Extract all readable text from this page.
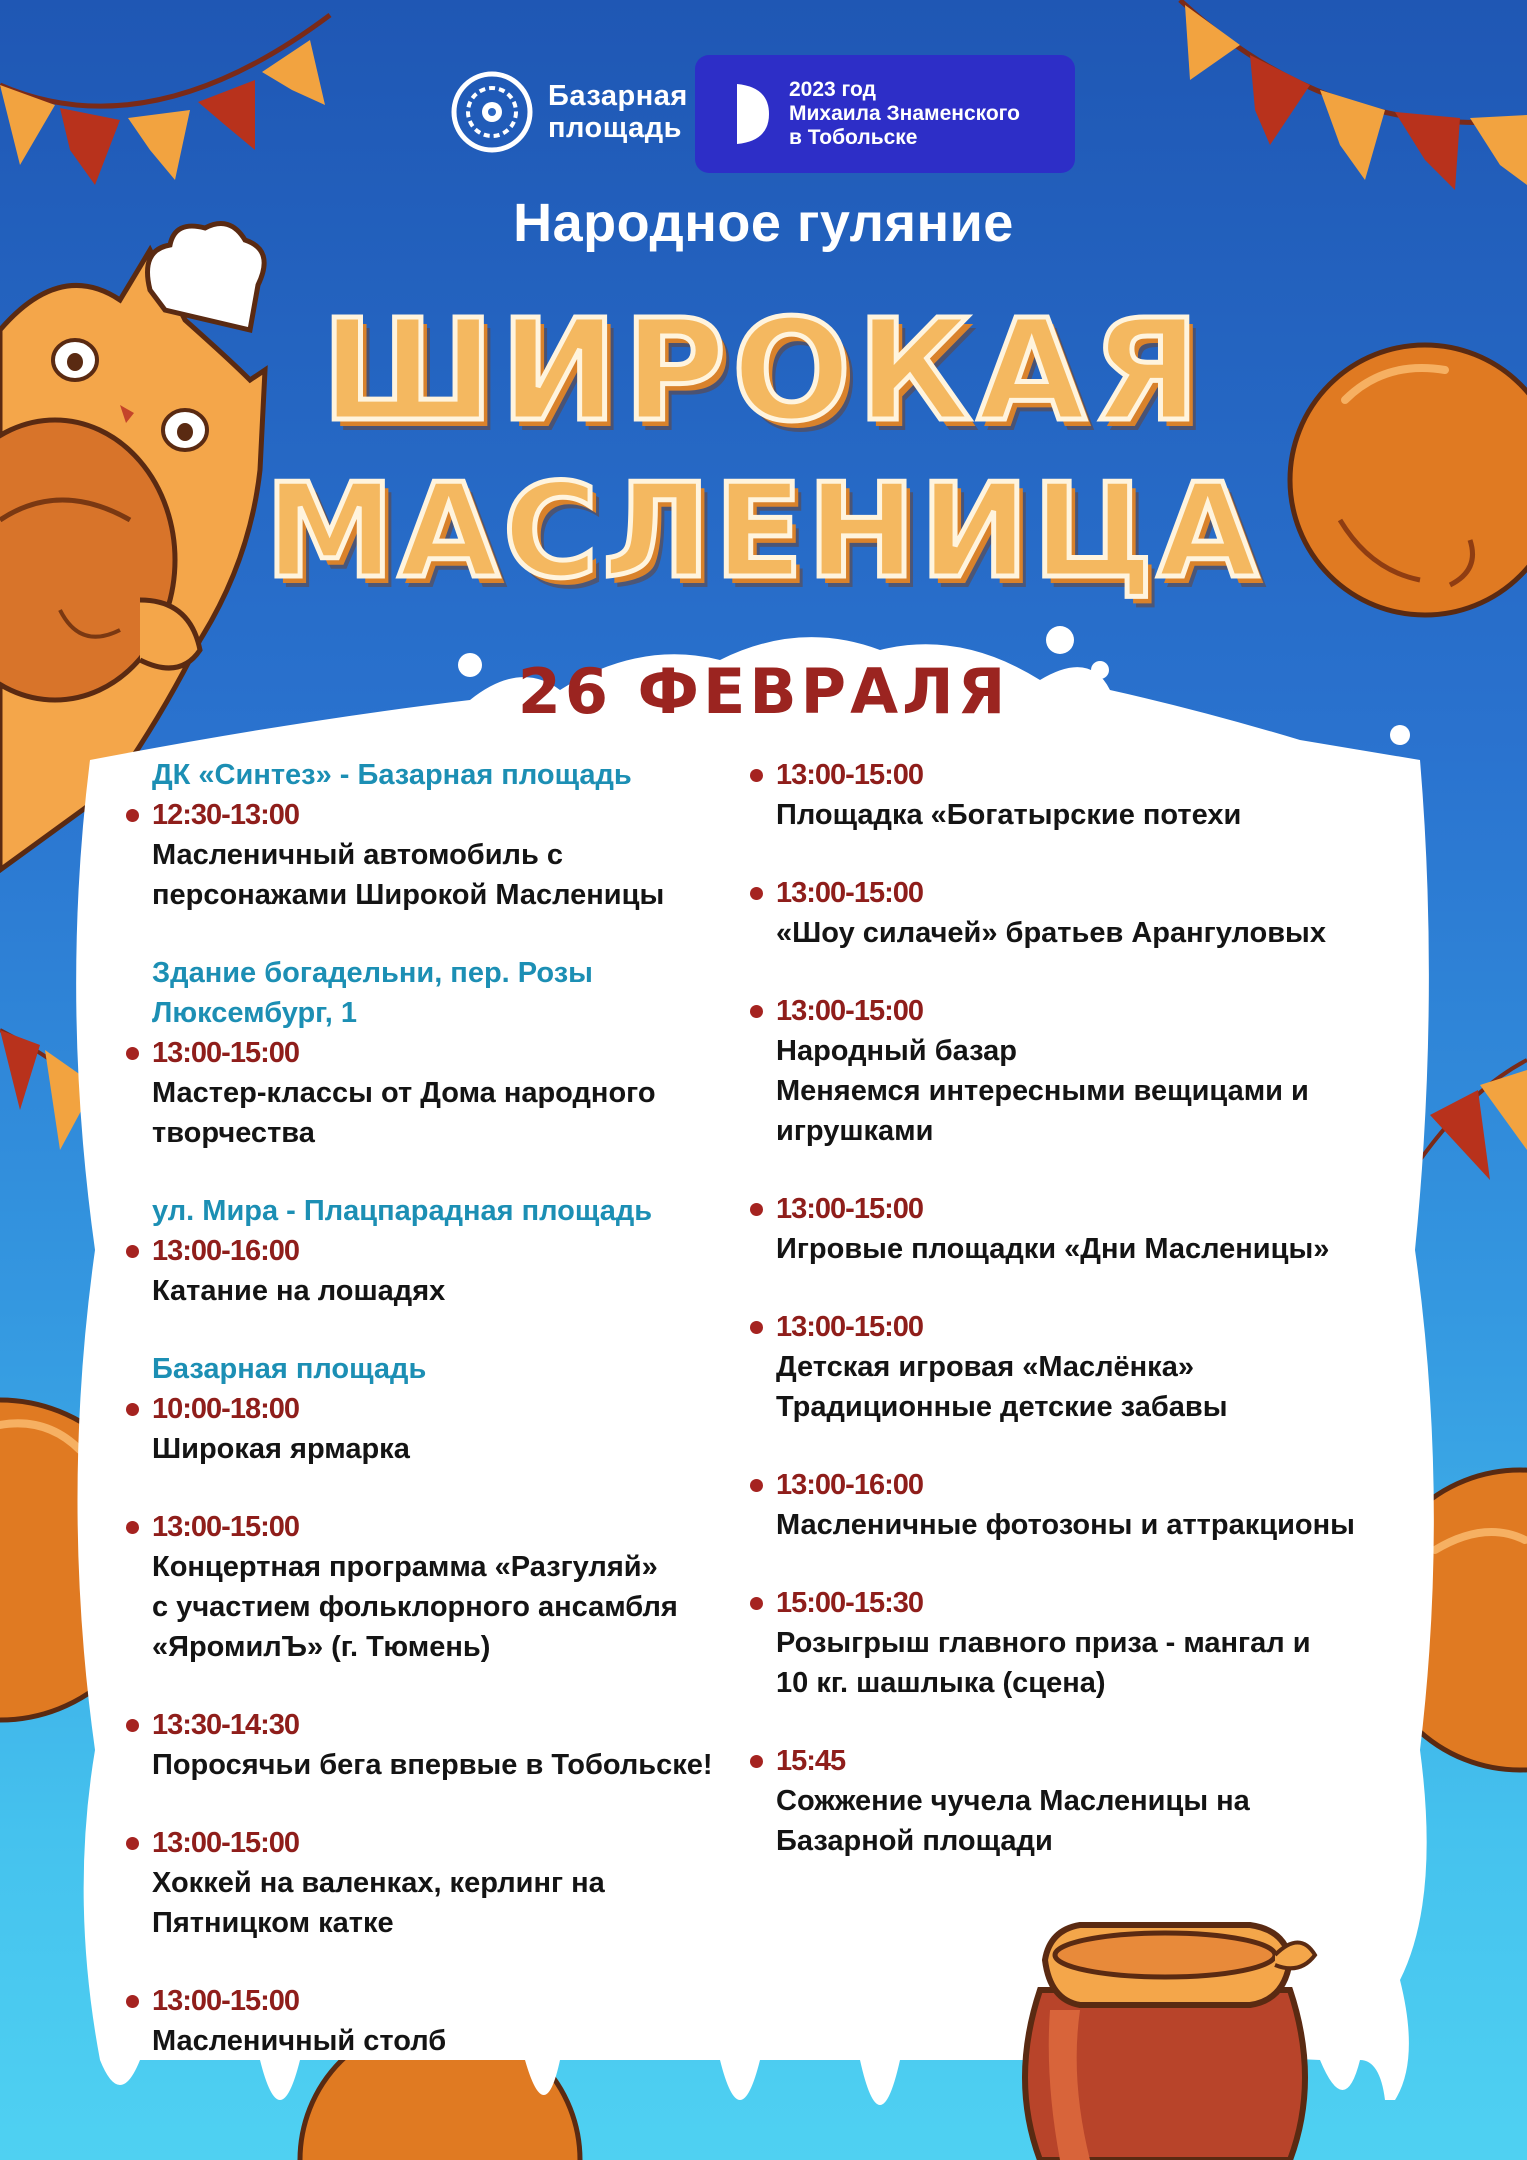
Базарная
площадь
2023 год
Михаила Знаменского
в Тобольске
Народное гуляние
ШИРОКАЯ
МАСЛЕНИЦА
26 ФЕВРАЛЯ
ДК «Синтез» - Базарная площадь
12:30-13:00
Масленичный автомобиль с
персонажами Широкой Масленицы
Здание богадельни, пер. Розы
Люксембург, 1
13:00-15:00
Мастер-классы от Дома народного
творчества
ул. Мира - Плацпарадная площадь
13:00-16:00
Катание на лошадях
Базарная площадь
10:00-18:00
Широкая ярмарка
13:00-15:00
Концертная программа «Разгуляй»
с участием фольклорного ансамбля
«ЯромилЪ» (г. Тюмень)
13:30-14:30
Поросячьи бега впервые в Тобольске!
13:00-15:00
Хоккей на валенках, керлинг на
Пятницком катке
13:00-15:00
Масленичный столб
13:00-15:00
Площадка «Богатырские потехи
13:00-15:00
«Шоу силачей» братьев Арангуловых
13:00-15:00
Народный базар
Меняемся интересными вещицами и
игрушками
13:00-15:00
Игровые площадки «Дни Масленицы»
13:00-15:00
Детская игровая «Маслёнка»
Традиционные детские забавы
13:00-16:00
Масленичные фотозоны и аттракционы
15:00-15:30
Розыгрыш главного приза - мангал и
10 кг. шашлыка (сцена)
15:45
Сожжение чучела Масленицы на
Базарной площади
